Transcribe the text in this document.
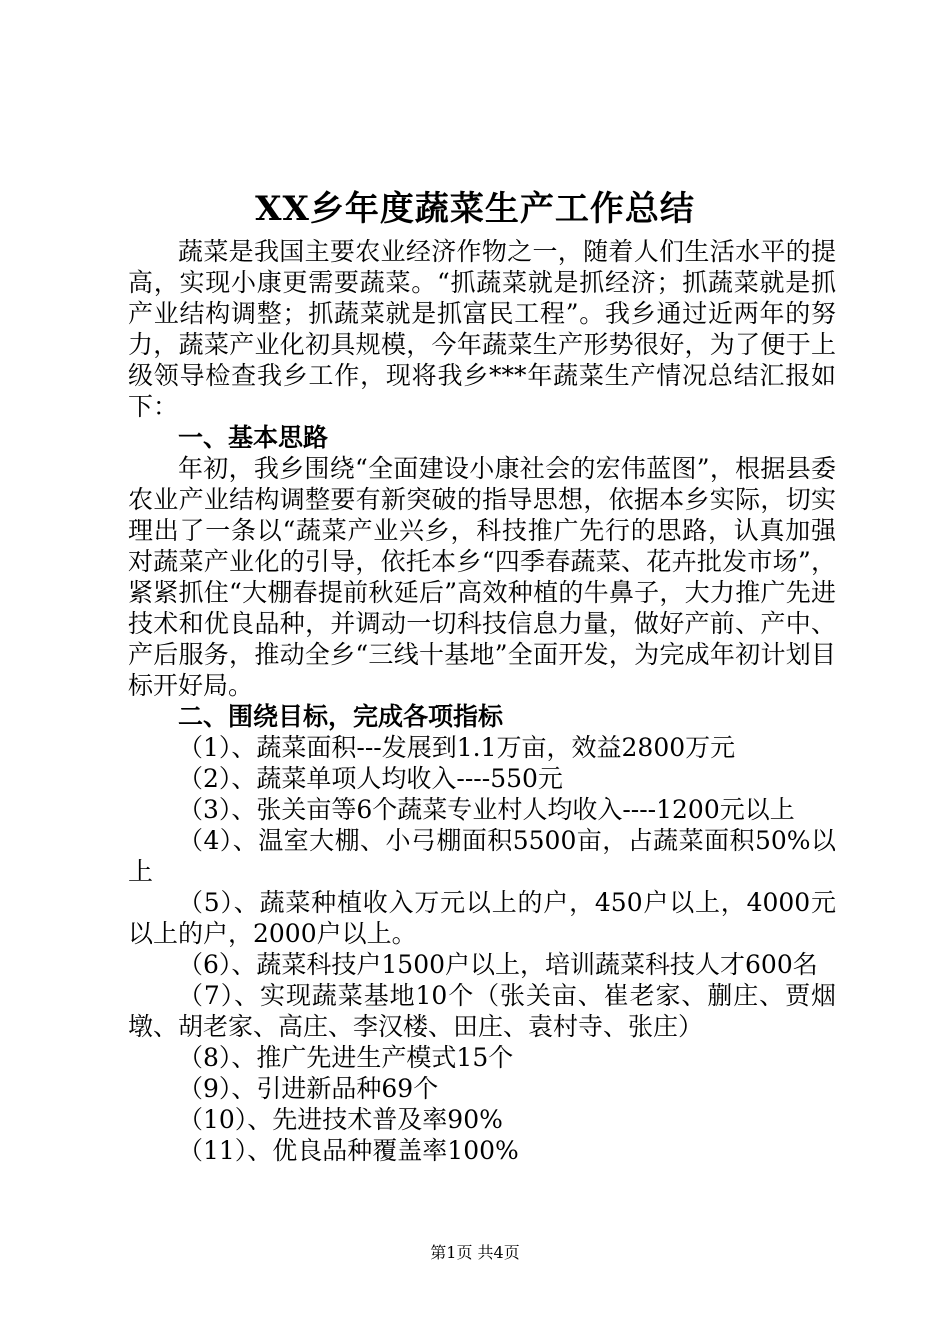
XX乡年度蔬菜生产工作总结

蔬菜是我国主要农业经济作物之一，随着人们生活水平的提高，实现小康更需要蔬菜。“抓蔬菜就是抓经济；抓蔬菜就是抓产业结构调整；抓蔬菜就是抓富民工程”。我乡通过近两年的努力，蔬菜产业化初具规模，今年蔬菜生产形势很好，为了便于上级领导检查我乡工作，现将我乡***年蔬菜生产情况总结汇报如下：

一、基本思路

年初，我乡围绕“全面建设小康社会的宏伟蓝图”，根据县委农业产业结构调整要有新突破的指导思想，依据本乡实际，切实理出了一条以“蔬菜产业兴乡，科技推广先行的思路，认真加强对蔬菜产业化的引导，依托本乡“四季春蔬菜、花卉批发市场”，紧紧抓住“大棚春提前秋延后”高效种植的牛鼻子，大力推广先进技术和优良品种，并调动一切科技信息力量，做好产前、产中、产后服务，推动全乡“三线十基地”全面开发，为完成年初计划目标开好局。

二、围绕目标，完成各项指标

（1）、蔬菜面积---发展到1.1万亩，效益2800万元
（2）、蔬菜单项人均收入----550元
（3）、张关亩等6个蔬菜专业村人均收入----1200元以上
（4）、温室大棚、小弓棚面积5500亩，占蔬菜面积50%以上
（5）、蔬菜种植收入万元以上的户，450户以上，4000元以上的户，2000户以上。
（6）、蔬菜科技户1500户以上，培训蔬菜科技人才600名
（7）、实现蔬菜基地10个（张关亩、崔老家、蒯庄、贾烟墩、胡老家、高庄、李汉楼、田庄、袁村寺、张庄）
（8）、推广先进生产模式15个
（9）、引进新品种69个
（10）、先进技术普及率90%
（11）、优良品种覆盖率100%
第1页 共4页
